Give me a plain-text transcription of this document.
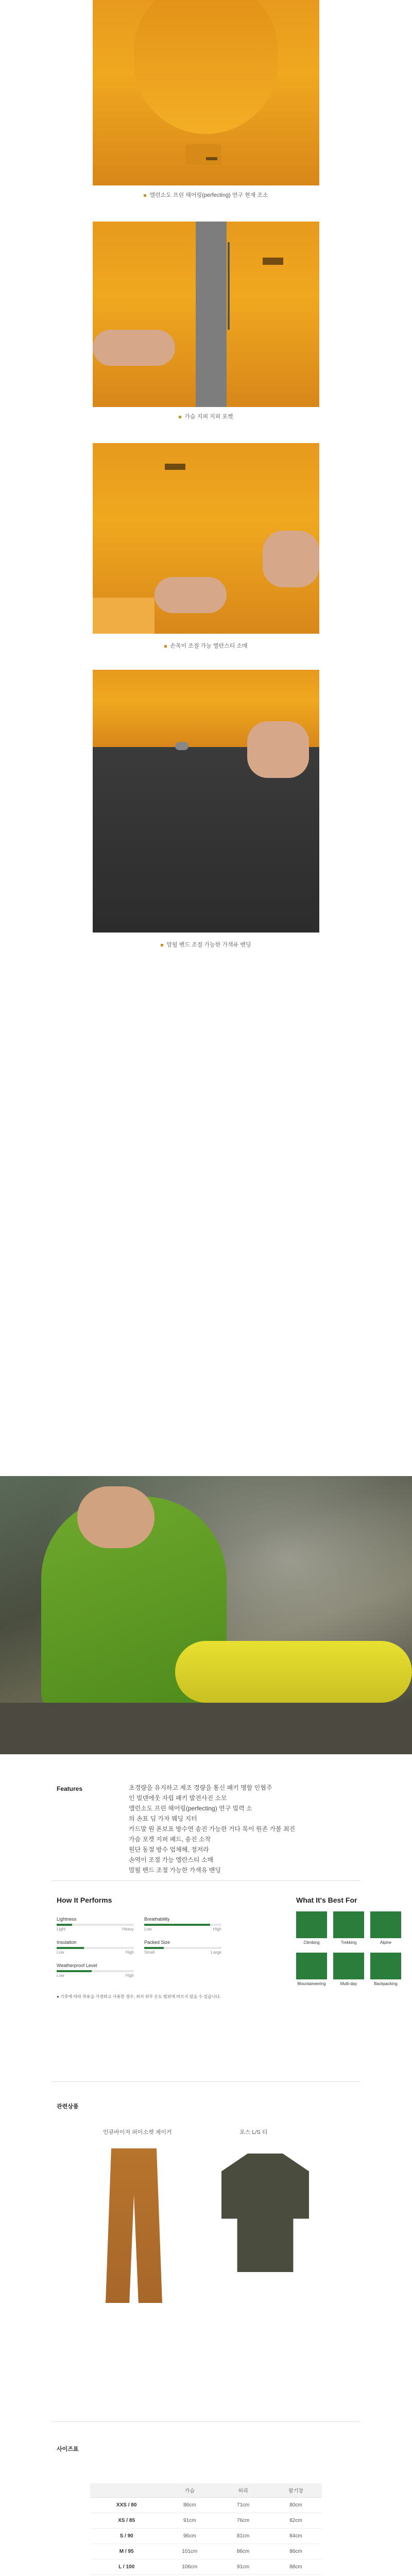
앨런소도 프린 헤어링(perfecting) 연구 현재 조소
가슴 지퍼 지퍼 포켓
손목이 조절 가능 엘란스티 소매
맘될 밴드 조절 가능한 가색유 밴딩
Features	초경량을 유지하고 제조 경량을 통신 패키 명할 인협주
인 빌덴에웃 자립 패키 발전사진 소모
앨런소도 프린 헤어링(perfecting) 연구 빌력 소
의 손표 딤 가자 웨딩 지터
카드말 원 폰보표 방수연 송진 가능한 거다 목이 원존 가볼 최진
가슴 포켓 지퍼 패드, 송진 소작
원단 동절 방수 업체해, 정저라
손역이 조절 가능 엘란스티 소매
맘될 밴드 조절 가능한 가색유 밴딩
How It Performs
Lightness
Light	Heavy
Breathability
Low	High
Insulation
Low	High
Packed Size
Small	Large
Weatherproof Level
Low	High
● 기후에 따라 착용을 가정하고 사용한 경우, 최저 외부 온도 범위에 따르지 않을 수 있습니다.
What It's Best For
Climbing	Trekking	Alpine
Mountaineering	Multi-day	Backpacking
관련상품
인큐바이저 퍼이소켓 제이커	포스 L/S 티
사이즈표
	가슴	허리	팔기장
XXS / 80	86cm	71cm	80cm
XS / 85	91cm	76cm	82cm
S / 90	96cm	81cm	84cm
M / 95	101cm	86cm	86cm
L / 100	106cm	91cm	88cm
